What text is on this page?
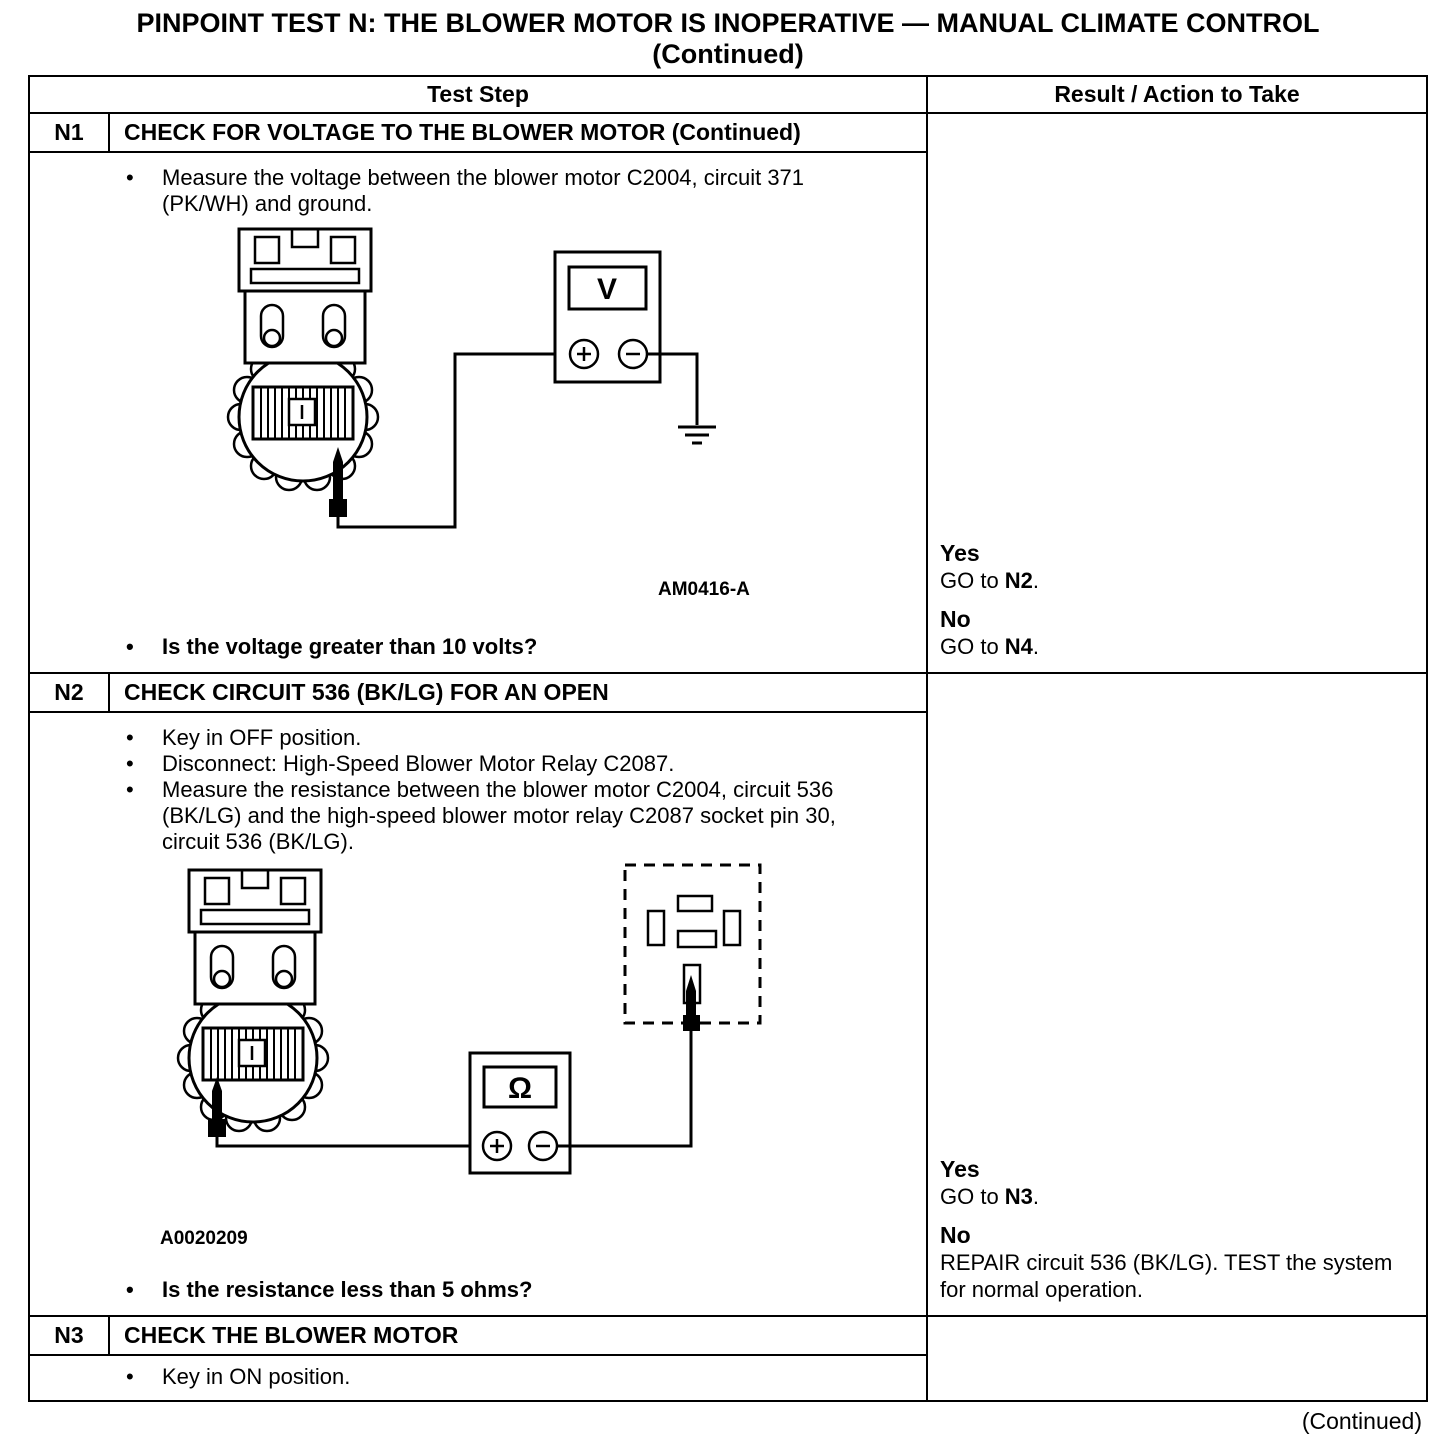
PINPOINT TEST N: THE BLOWER MOTOR IS INOPERATIVE — MANUAL CLIMATE CONTROL
(Continued)
Test Step	Result / Action to Take
N1	CHECK FOR VOLTAGE TO THE BLOWER MOTOR (Continued)
• Measure the voltage between the blower motor C2004, circuit 371 (PK/WH) and ground.
V
AM0416-A
• Is the voltage greater than 10 volts?
Yes
GO to N2.
No
GO to N4.
N2	CHECK CIRCUIT 536 (BK/LG) FOR AN OPEN
• Key in OFF position.
• Disconnect: High-Speed Blower Motor Relay C2087.
• Measure the resistance between the blower motor C2004, circuit 536 (BK/LG) and the high-speed blower motor relay C2087 socket pin 30, circuit 536 (BK/LG).
Ω
A0020209
• Is the resistance less than 5 ohms?
Yes
GO to N3.
No
REPAIR circuit 536 (BK/LG). TEST the system for normal operation.
N3	CHECK THE BLOWER MOTOR
• Key in ON position.
(Continued)
